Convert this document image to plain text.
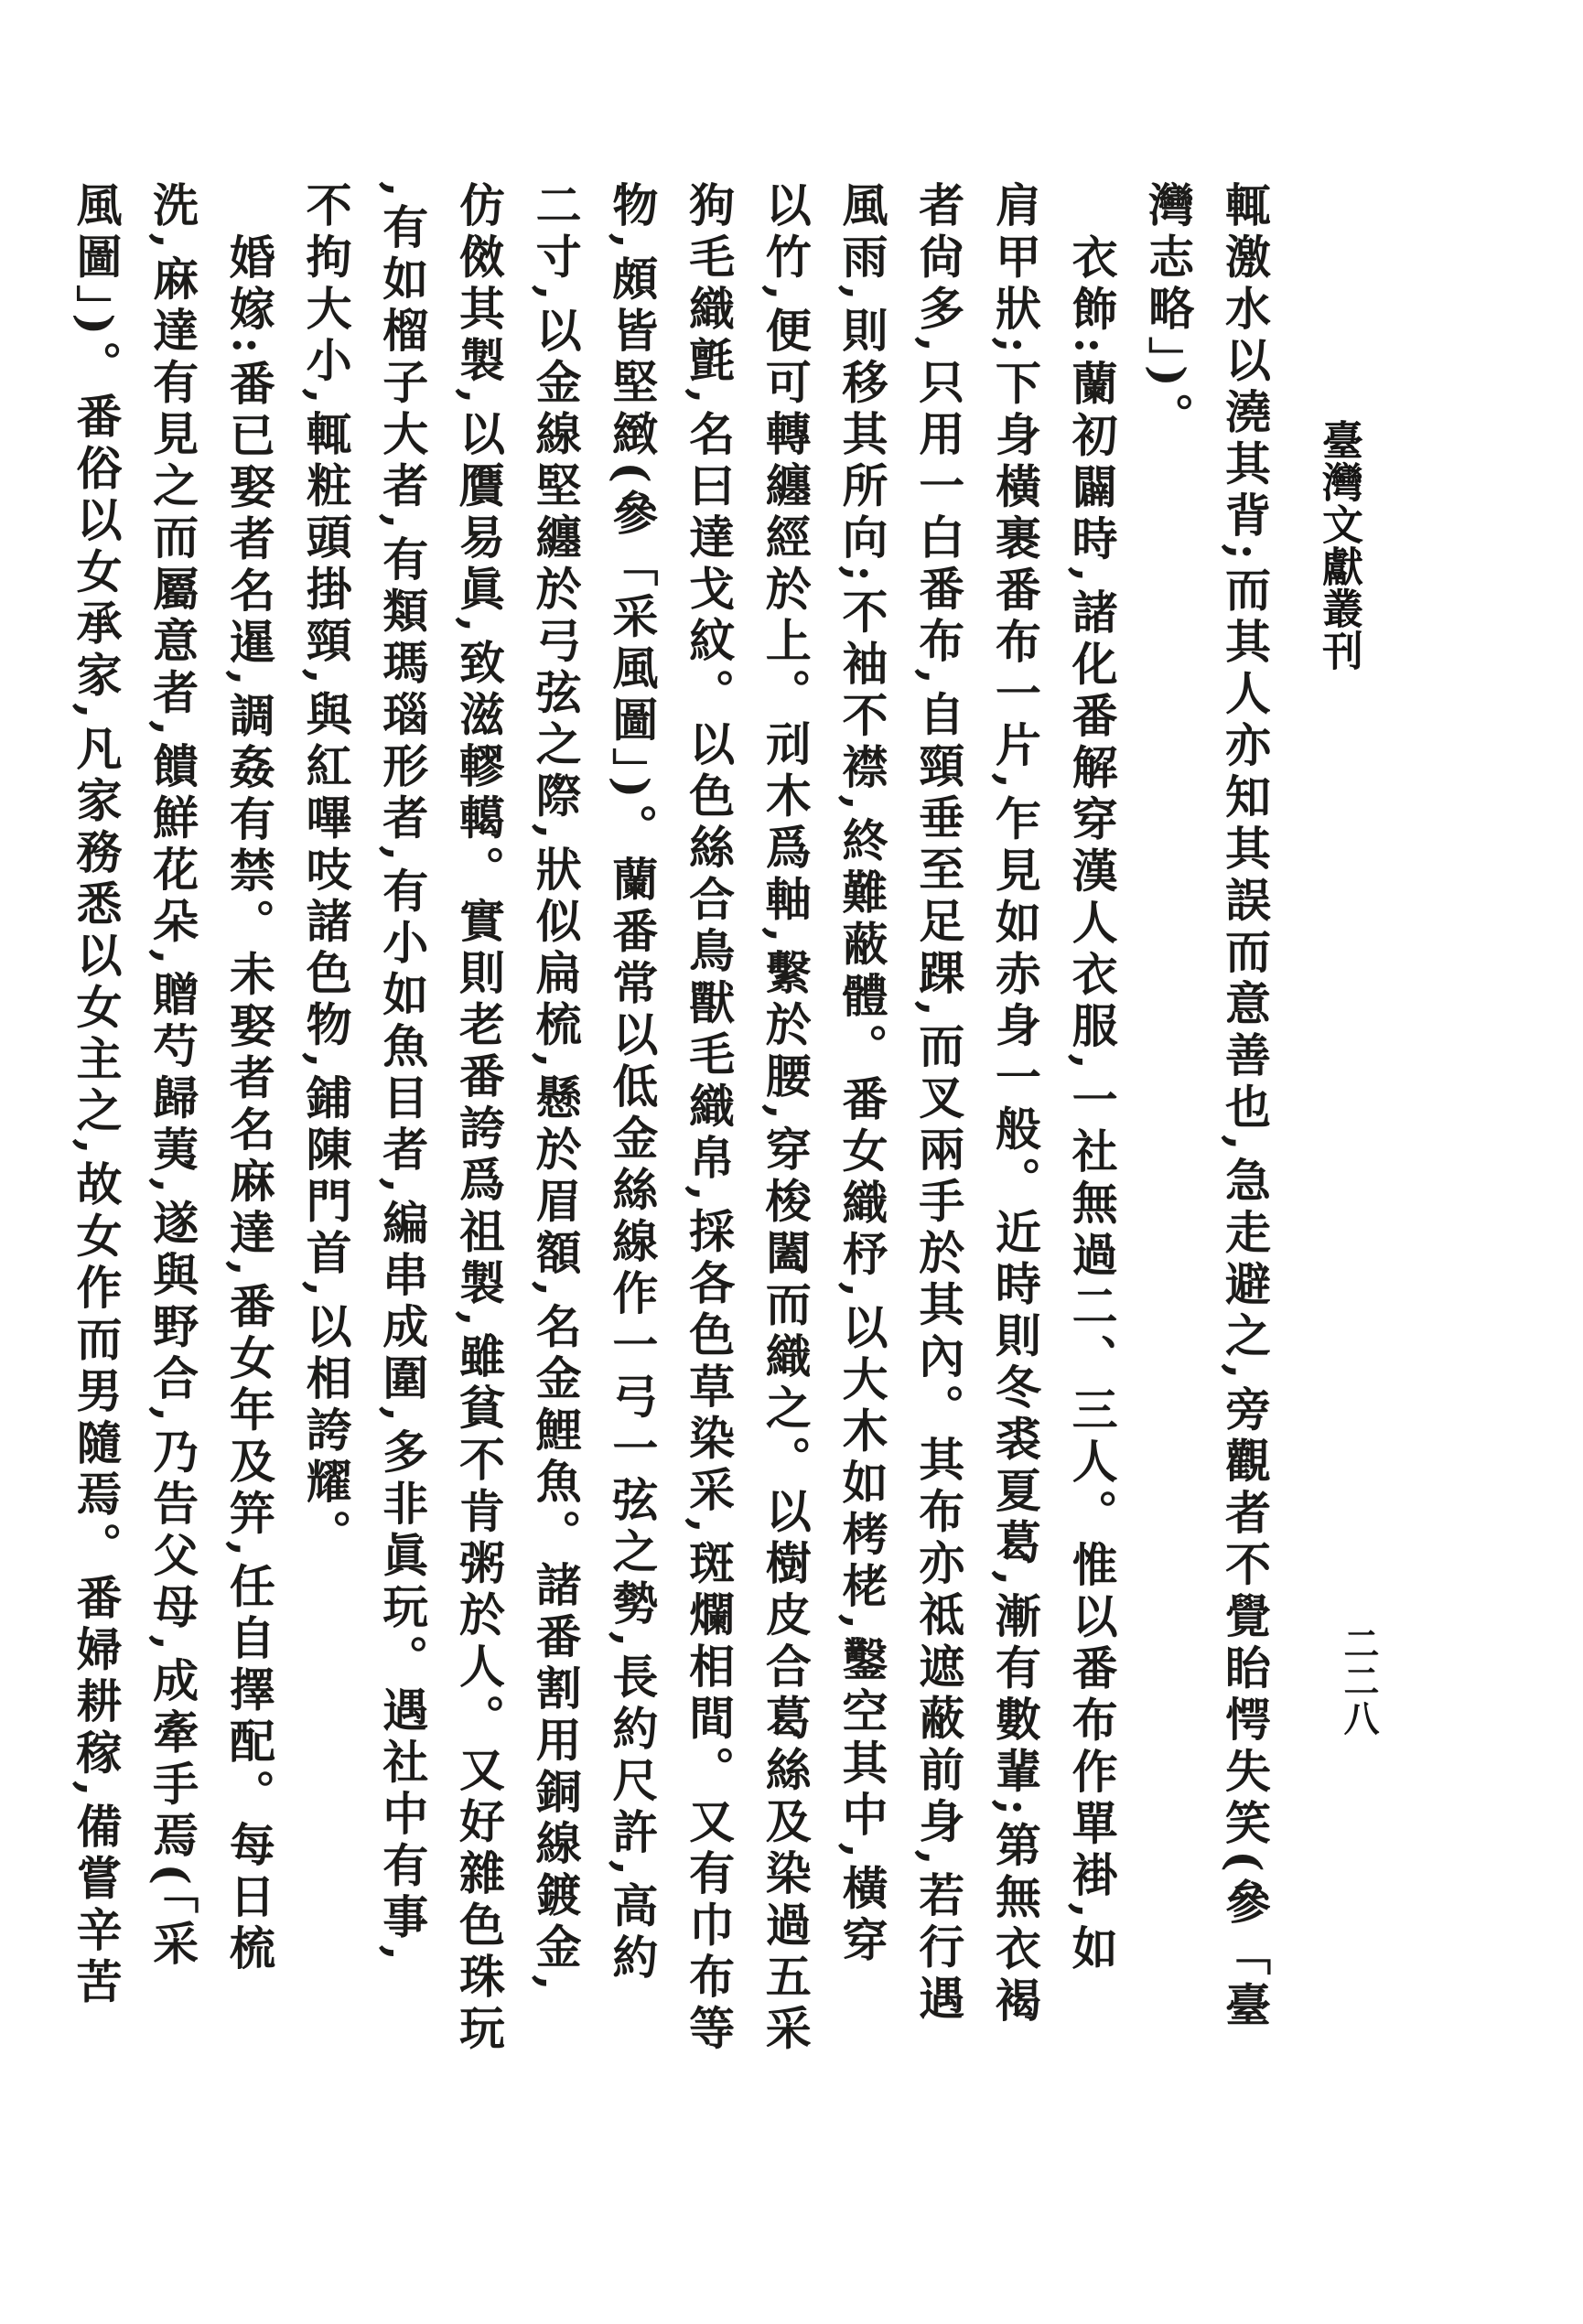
輒激水以澆其背;而其人亦知其誤而意善也,急走避之,旁觀者不覺眙愕失笑(參「臺
灣志略」)。
衣飾:蘭初闢時,諸化番解穿漢人衣服,一社無過二、三人。惟以番布作單褂,如
肩甲狀;下身橫裹番布一片,乍見如赤身一般。近時則冬裘夏葛,漸有數輩;第無衣褐
者尙多,只用一白番布,自頸垂至足踝,而叉兩手於其內。其布亦祗遮蔽前身,若行遇
風雨,則移其所向;不袖不襟,終難蔽體。番女織杼,以大木如栲栳,鑿空其中,橫穿
以竹,便可轉纏經於上。刓木爲軸,繫於腰,穿梭闔而織之。以樹皮合葛絲及染過五采
狗毛織氈,名曰達戈紋。以色絲合鳥獸毛織帛,採各色草染采,斑爛相間。又有巾布等
物,頗皆堅緻(參「采風圖」)。蘭番常以低金絲線作一弓一弦之勢,長約尺許,高約
二寸,以金線堅纏於弓弦之際,狀似扁梳,懸於眉額,名金鯉魚。諸番割用銅線鍍金,
仿傚其製,以贋易眞,致滋轇轕。實則老番誇爲祖製,雖貧不肯粥於人。又好雜色珠玩
,有如榴子大者,有類瑪瑙形者,有小如魚目者,編串成圍,多非眞玩。遇社中有事,
不拘大小,輒粧頭掛頸,與紅嗶吱諸色物,鋪陳門首,以相誇耀。
婚嫁:番已娶者名暹,調姦有禁。未娶者名麻達,番女年及笄,任自擇配。每日梳
洗,麻達有見之而屬意者,饋鮮花朵,贈芍歸荑,遂與野合,乃告父母,成牽手焉(「采
風圖」)。番俗以女承家,凡家務悉以女主之,故女作而男隨焉。番婦耕稼,備嘗辛苦	臺灣文獻叢刊
二二八
